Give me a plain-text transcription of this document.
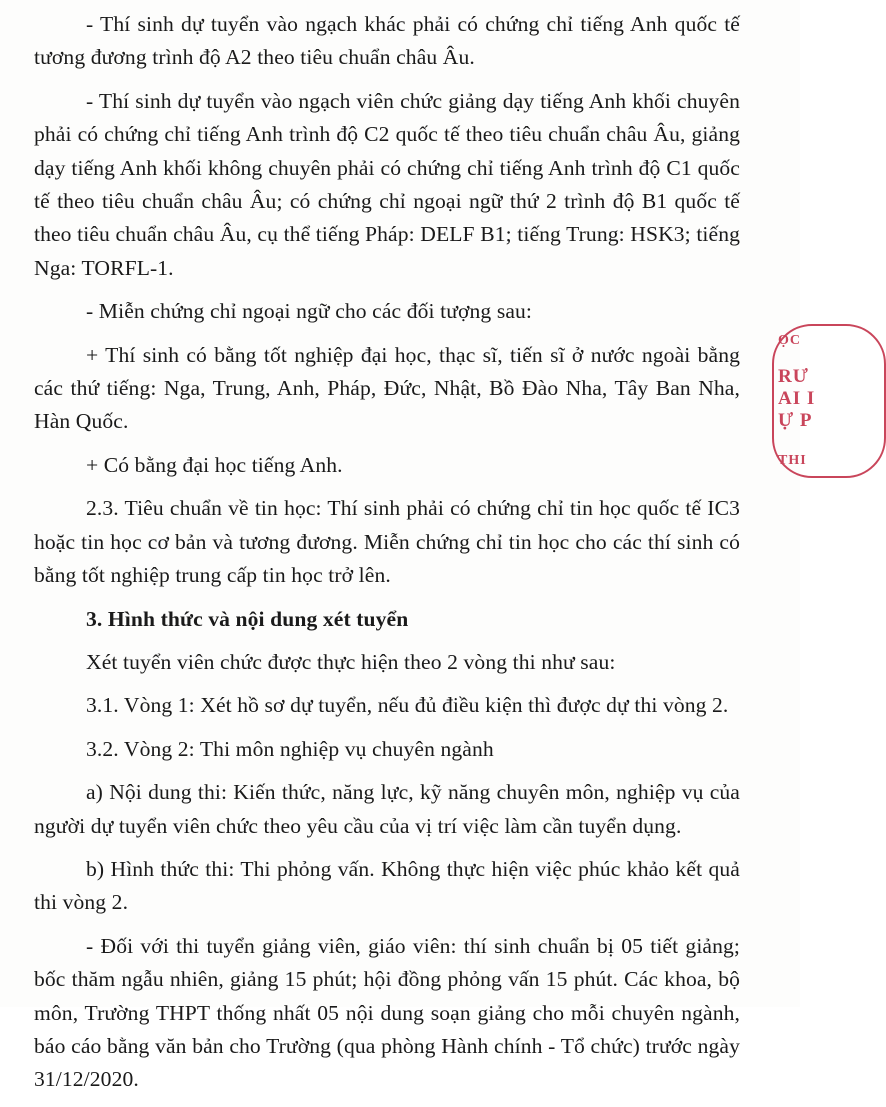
- Thí sinh dự tuyển vào ngạch khác phải có chứng chỉ tiếng Anh quốc tế tương đương trình độ A2 theo tiêu chuẩn châu Âu.

- Thí sinh dự tuyển vào ngạch viên chức giảng dạy tiếng Anh khối chuyên phải có chứng chỉ tiếng Anh trình độ C2 quốc tế theo tiêu chuẩn châu Âu, giảng dạy tiếng Anh khối không chuyên phải có chứng chỉ tiếng Anh trình độ C1 quốc tế theo tiêu chuẩn châu Âu; có chứng chỉ ngoại ngữ thứ 2 trình độ B1 quốc tế theo tiêu chuẩn châu Âu, cụ thể tiếng Pháp: DELF B1; tiếng Trung: HSK3; tiếng Nga: TORFL-1.

- Miễn chứng chỉ ngoại ngữ cho các đối tượng sau:

+ Thí sinh có bằng tốt nghiệp đại học, thạc sĩ, tiến sĩ ở nước ngoài bằng các thứ tiếng: Nga, Trung, Anh, Pháp, Đức, Nhật, Bồ Đào Nha, Tây Ban Nha, Hàn Quốc.

+ Có bằng đại học tiếng Anh.

2.3. Tiêu chuẩn về tin học: Thí sinh phải có chứng chỉ tin học quốc tế IC3 hoặc tin học cơ bản và tương đương. Miễn chứng chỉ tin học cho các thí sinh có bằng tốt nghiệp trung cấp tin học trở lên.

3. Hình thức và nội dung xét tuyển

Xét tuyển viên chức được thực hiện theo 2 vòng thi như sau:

3.1. Vòng 1: Xét hồ sơ dự tuyển, nếu đủ điều kiện thì được dự thi vòng 2.

3.2. Vòng 2: Thi môn nghiệp vụ chuyên ngành

a) Nội dung thi: Kiến thức, năng lực, kỹ năng chuyên môn, nghiệp vụ của người dự tuyển viên chức theo yêu cầu của vị trí việc làm cần tuyển dụng.

b) Hình thức thi: Thi phỏng vấn. Không thực hiện việc phúc khảo kết quả thi vòng 2.

- Đối với thi tuyển giảng viên, giáo viên: thí sinh chuẩn bị 05 tiết giảng; bốc thăm ngẫu nhiên, giảng 15 phút; hội đồng phỏng vấn 15 phút. Các khoa, bộ môn, Trường THPT thống nhất 05 nội dung soạn giảng cho mỗi chuyên ngành, báo cáo bằng văn bản cho Trường (qua phòng Hành chính - Tổ chức) trước ngày 31/12/2020.

ỌC
RƯ
AI I
Ự P
THI
